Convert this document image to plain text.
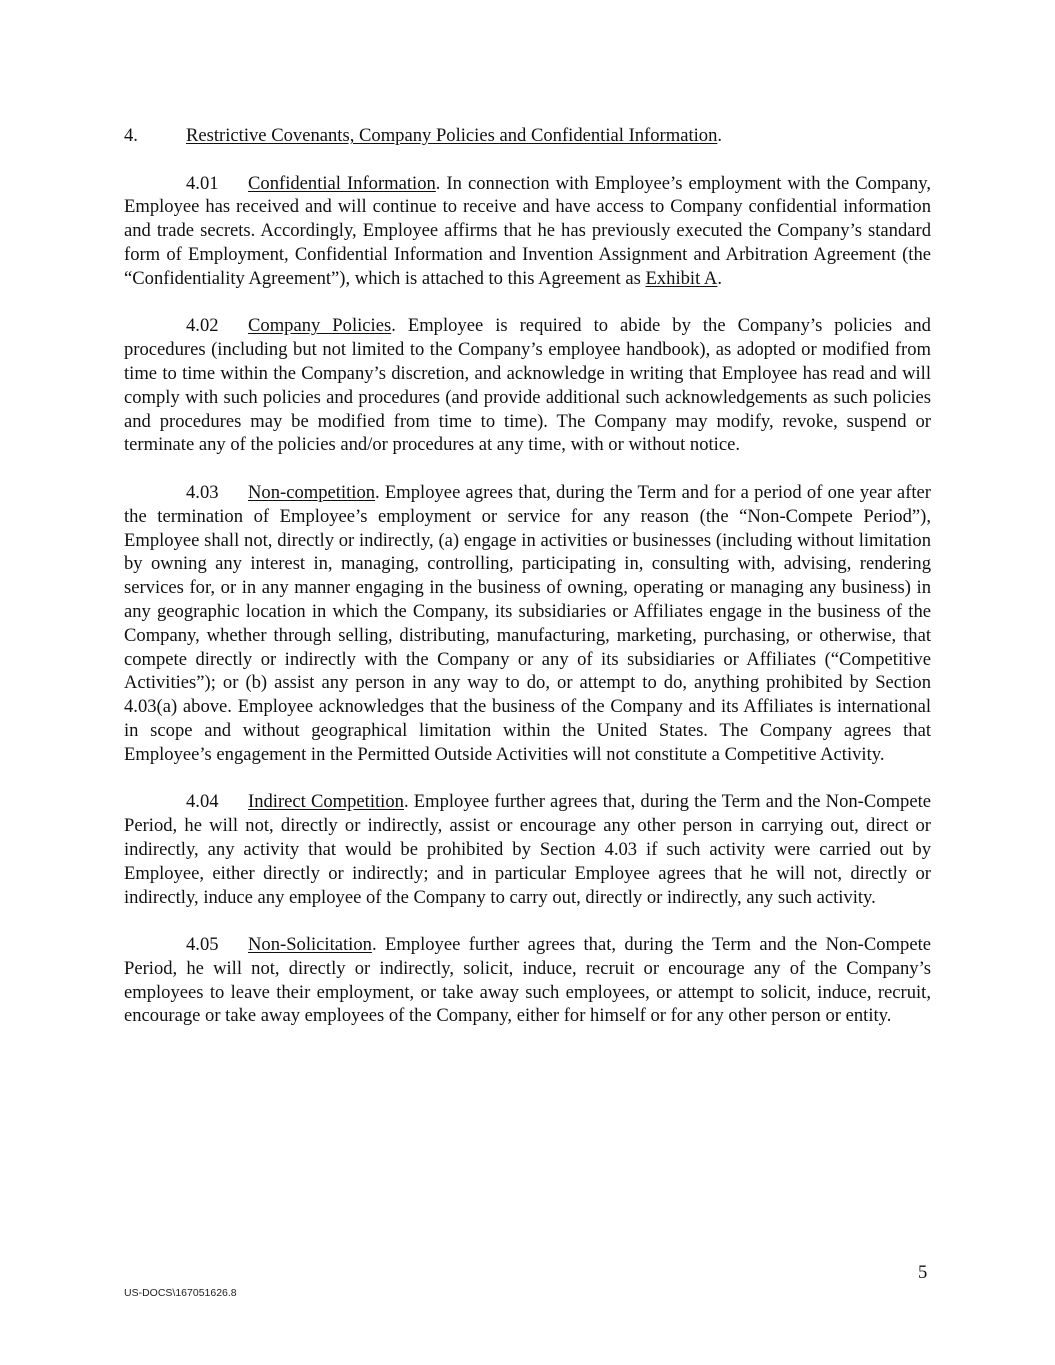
4.	Restrictive Covenants, Company Policies and Confidential Information.

4.01 Confidential Information. In connection with Employee’s employment with the Company, Employee has received and will continue to receive and have access to Company confidential information and trade secrets. Accordingly, Employee affirms that he has previously executed the Company’s standard form of Employment, Confidential Information and Invention Assignment and Arbitration Agreement (the “Confidentiality Agreement”), which is attached to this Agreement as Exhibit A.

4.02 Company Policies. Employee is required to abide by the Company’s policies and procedures (including but not limited to the Company’s employee handbook), as adopted or modified from time to time within the Company’s discretion, and acknowledge in writing that Employee has read and will comply with such policies and procedures (and provide additional such acknowledgements as such policies and procedures may be modified from time to time). The Company may modify, revoke, suspend or terminate any of the policies and/or procedures at any time, with or without notice.

4.03 Non-competition. Employee agrees that, during the Term and for a period of one year after the termination of Employee’s employment or service for any reason (the “Non-Compete Period”), Employee shall not, directly or indirectly, (a) engage in activities or businesses (including without limitation by owning any interest in, managing, controlling, participating in, consulting with, advising, rendering services for, or in any manner engaging in the business of owning, operating or managing any business) in any geographic location in which the Company, its subsidiaries or Affiliates engage in the business of the Company, whether through selling, distributing, manufacturing, marketing, purchasing, or otherwise, that compete directly or indirectly with the Company or any of its subsidiaries or Affiliates (“Competitive Activities”); or (b) assist any person in any way to do, or attempt to do, anything prohibited by Section 4.03(a) above. Employee acknowledges that the business of the Company and its Affiliates is international in scope and without geographical limitation within the United States. The Company agrees that Employee’s engagement in the Permitted Outside Activities will not constitute a Competitive Activity.

4.04 Indirect Competition. Employee further agrees that, during the Term and the Non-Compete Period, he will not, directly or indirectly, assist or encourage any other person in carrying out, direct or indirectly, any activity that would be prohibited by Section 4.03 if such activity were carried out by Employee, either directly or indirectly; and in particular Employee agrees that he will not, directly or indirectly, induce any employee of the Company to carry out, directly or indirectly, any such activity.

4.05 Non-Solicitation. Employee further agrees that, during the Term and the Non-Compete Period, he will not, directly or indirectly, solicit, induce, recruit or encourage any of the Company’s employees to leave their employment, or take away such employees, or attempt to solicit, induce, recruit, encourage or take away employees of the Company, either for himself or for any other person or entity.

5
US-DOCS\167051626.8
